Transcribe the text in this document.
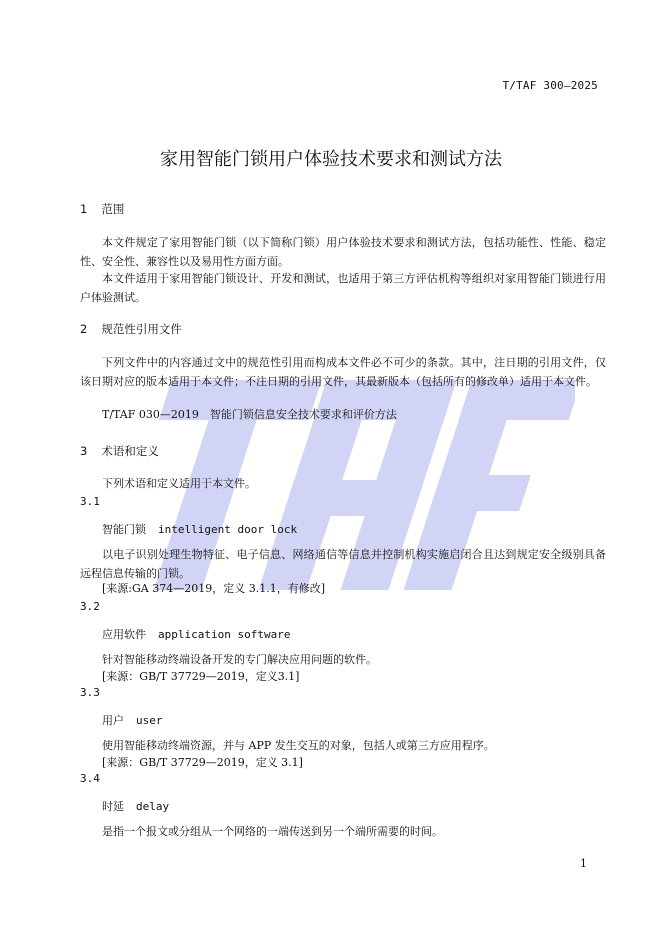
T/TAF 300—2025
家用智能门锁用户体验技术要求和测试方法
1 范围
本文件规定了家用智能门锁（以下简称门锁）用户体验技术要求和测试方法，包括功能性、性能、稳定性、安全性、兼容性以及易用性方面方面。
本文件适用于家用智能门锁设计、开发和测试，也适用于第三方评估机构等组织对家用智能门锁进行用户体验测试。
2 规范性引用文件
下列文件中的内容通过文中的规范性引用而构成本文件必不可少的条款。其中，注日期的引用文件，仅该日期对应的版本适用于本文件；不注日期的引用文件，其最新版本（包括所有的修改单）适用于本文件。
T/TAF 030—2019　智能门锁信息安全技术要求和评价方法
3 术语和定义
下列术语和定义适用于本文件。
3.1
智能门锁 intelligent door lock
以电子识别处理生物特征、电子信息、网络通信等信息并控制机构实施启闭合且达到规定安全级别具备远程信息传输的门锁。
[来源:GA 374—2019，定义 3.1.1，有修改]
3.2
应用软件 application software
针对智能移动终端设备开发的专门解决应用问题的软件。
[来源：GB/T 37729—2019，定义3.1]
3.3
用户 user
使用智能移动终端资源，并与 APP 发生交互的对象，包括人或第三方应用程序。
[来源：GB/T 37729—2019，定义 3.1]
3.4
时延 delay
是指一个报文或分组从一个网络的一端传送到另一个端所需要的时间。
1
